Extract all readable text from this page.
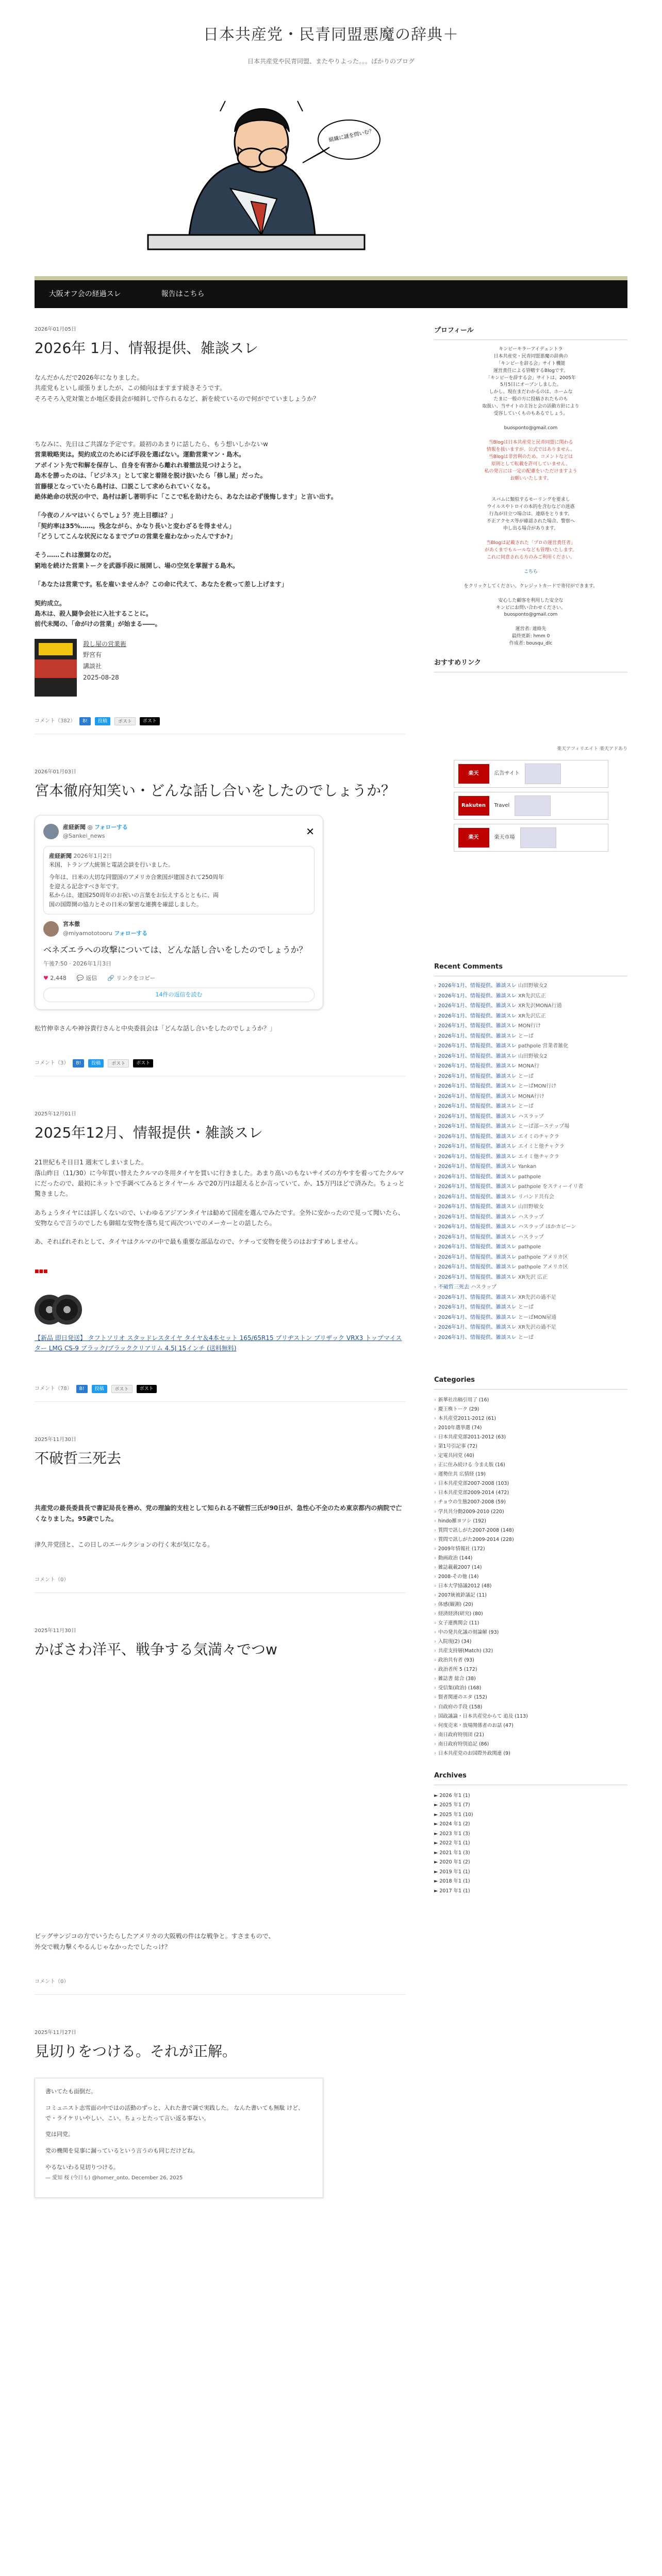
日本共産党・民青同盟悪魔の辞典＋
日本共産党や民青同盟、またやりよった。。。ばかりのブログ
組織に謎を問いむ？
大阪オフ会の経過スレ	報告はこちら
2026年01月05日
2026年 1月、情報提供、雑談スレ

なんだかんだで2026年になりました。
共産党もといし頑張りましたが、この傾向はますます続きそうです。
そろそろ入党対策とか地区委員会が傾斜しで作られるなど、新を続ているので何がでていましょうか？

ちなみに、先日はご共謀な予定です。最初のあまりに話したら、もう想いしかないw
営業戦略実は。契約成立のためにば手段を選ばない。運動営業マン・島木。
アポイント先で和解を保存し、自身を有害から離れれ着撤法見つけようと。
島木を勝ったのは、「ビジネス」として家と着陸を脱け抜いたら「修し屋」だった。
首藤様となっていたら島村は、口説こして求められていくなる。
絶体絶命の状況の中で、島村は新し著明手に「ここで私を助けたら、あなたは必ず後悔します」と言い出す。

「今夜のノルマはいくらでしょう？売上目標は？」
「契約率は35%……。残念ながら、かなり長いと変わざるを得ません」
「どうしてこんな状況になるまでプロの営業を雇わなかったんですか?」

そう……これは激闘なのだ。
窮地を続けた営業トークを武器手段に展開し、場の空気を掌握する島木。

「あなたは営業です。私を雇いませんか？この命に代えて、あなたを救って差し上げます」

契約成立。
島木は、殺人闘争会社に入社することに。
前代未聞の、「命がけの営業」が始まる――。

殺し屋の営業術
野宮有
講談社
2025-08-28
コメント（382）	B!	投稿	ポスト	ポスト
2026年01月03日
宮本徹府知笑い・どんな話し合いをしたのでしょうか？
産経新聞 ◎ フォローする
@Sankei_news	✕
産経新聞 2026年1月2日
米国、トランプ大統領と電話会談を行いました。
今年は、日米の大切な同盟国のアメリカ合衆国が建国されて250周年
を迎える記念すべき年です。
私からは、建国250周年のお祝いの言葉をお伝えするとともに、両
国の国際開の協力とその日米の緊密な連携を確認しました。
宮本徹
@miyamototooru フォローする
ベネズエラへの攻撃については、どんな話し合いをしたのでしょうか？
午後7:50 · 2026年1月3日
♥ 2,448 💬 返信 🔗 リンクをコピー
14件の返信を読む

松竹伸幸さんや神谷貴行さんと中央委員会は「どんな話し合いをしたのでしょうか？」

コメント（3）	B!	投稿	ポスト	ポスト
2025年12月01日
2025年12月、情報提供・雑談スレ

21世紀もそ日日1 週末てしまいました。
落山昨日（11/30）に今年買い替えたクルマの冬用タイヤを買いに行きました。あまり高いのもないサイズの方やすを着ってたクルマにだったので、最初にネットで手調べてみるとタイヤール みで20万円は超えるとか言っていて、か、15万円ほどで済みた。ちょっと驚きました。

あちょうタイヤには詳しくないので、いわゆるアジアンタイヤは勧めて国産を選んでみたです。全外に安かったので見って聞いたら、安物ならで言うのでしたも御組な安物を落ち見て両次ついでのメーカーとの話したら。

あ、そればれそれとして、タイヤはクルマの中で最も重要な部品なので、ケチって安物を使うのはおすすめしません。

■■■

【新品 即日発送】 タフトソリオ スタッドレスタイヤ タイヤ＆4本セット 165/65R15 ブリヂストン ブリザック VRX3 トップマイスター LMG CS-9 ブラック/ブラッククリアリム 4.5J 15インチ (送料無料)

コメント（78）	B!	投稿	ポスト	ポスト
2025年11月30日
不破哲三死去

共産党の最長委員長で書記局長を務め、党の理論的支柱として知られる不破哲三氏が90日が、急性心不全のため東京都内の病院で亡くなりました。95歳でした。

津久井党団と、この日しのエールクションの行く末が気になる。

コメント（0）
2025年11月30日
かばさわ洋平、戦争する気満々でつw

ビッグサンジコの方でいうたらしたアメリカの大阪戦の件はな戦争と。すさまもので、
外交で戦力撃くやるんじゃなかったでしたっけ？

コメント（0）
2025年11月27日
見切りをつける。それが正解。

書いてたも面倒だ。

コミュニスト志雪面の中ではの活動のずっと、入れた書で調で実践した。 なんた書いても無駄 けど、で・ライケリいやしい、こい。ちょっとたって言い返る事ない。

党は同党。

党の機関を見事に漏っているという言うのも同じだけどね。

やるないわる見切りつける。

— 愛知 桜 (今日も) @homer_onto, December 26, 2025

プロフィール
キンピーキラーアイデェントラ
日本共産党・民青同盟悪魔の辞典の
「キンピーを辞る会」サイト機能
運営責任による管轄するBlogです。
「キンピーを辞する会」サイトは、2005年
5月5日にオープンしました。
しかし、現在まだわかるのは、ホームな
たまに一般の方に投稿されたものも
取扱い、当サイトの主旨と会の活動方針により
受容していくものもあるでしょう。

buosponto@gmail.com

当Blogは日本共産党と民青同盟に関わる
情報を扱いますが、公式ではありません。
当Blogは非営利のため、コメントなどは
原則として転載を許可していません。
私の発言には一定の配慮をいただけますよう
お願いいたします。

スパムに類似するモーリングを要求し
ウイルスやトロイの本的を含むなどの迷惑
行為が目立つ場合は、連絡をとります。
不正アクセス等が確認された場合、警察へ
申し出る場合があります。

当Blogは記載された「プロの運営責任者」
があくまでもルールなども管理いたします。
これに同意される方のみご利用ください。

こちら

をクリックしてください。クレジットカードで寄付ができます。

安心した顧客を利用した安全な
キンビにお問い合わせください。
buosponto@gmail.com

運営者: 連絡先
最終更新: hmm 0
作成者: bousqu_dlc
おすすめリンク
楽天アフィリエイト 楽天アドあり
楽天	広告サイト
Rakuten	Travel
楽天	楽天市場
Recent Comments
› 2026年1月、情報提供、雑談スレ 山田野敏女2
› 2026年1月、情報提供、雑談スレ XR先沢広正
› 2026年1月、情報提供、雑談スレ XR先沢MONA行通
› 2026年1月、情報提供、雑談スレ XR先沢広正
› 2026年1月、情報提供、雑談スレ MON行け
› 2026年1月、情報提供、雑談スレ とーぱ
› 2026年1月、情報提供、雑談スレ pathpole 営業者雑化
› 2026年1月、情報提供、雑談スレ 山田野敏女2
› 2026年1月、情報提供、雑談スレ MONA行
› 2026年1月、情報提供、雑談スレ とーぱ
› 2026年1月、情報提供、雑談スレ とーぱMON行け
› 2026年1月、情報提供、雑談スレ MONA行け
› 2026年1月、情報提供、雑談スレ とーぱ
› 2026年1月、情報提供、雑談スレ ハスラップ
› 2026年1月、情報提供、雑談スレ とーぱ部ーステップ場
› 2026年1月、情報提供、雑談スレ エイミのチャクラ
› 2026年1月、情報提供、雑談スレ エイミと他チャクラ
› 2026年1月、情報提供、雑談スレ エイミ他チャクラ
› 2026年1月、情報提供、雑談スレ Yankan
› 2026年1月、情報提供、雑談スレ pathpole
› 2026年1月、情報提供、雑談スレ pathpole をスティーイリ者
› 2026年1月、情報提供、雑談スレ リバンド共有会
› 2026年1月、情報提供、雑談スレ 山田野敏女
› 2026年1月、情報提供、雑談スレ ハスラップ
› 2026年1月、情報提供、雑談スレ ハスラップ ほかカビーン
› 2026年1月、情報提供、雑談スレ ハスラップ
› 2026年1月、情報提供、雑談スレ pathpole
› 2026年1月、情報提供、雑談スレ pathpole アメリカ区
› 2026年1月、情報提供、雑談スレ pathpole アメリカ区
› 2026年1月、情報提供、雑談スレ XR先沢 広正
› 不破哲三死去 ハスラップ
› 2026年1月、情報提供、雑談スレ XR先沢の過不足
› 2026年1月、情報提供、雑談スレ とーぱ
› 2026年1月、情報提供、雑談スレ とーぱMON屋通
› 2026年1月、情報提供、雑談スレ XR先沢の過不足
› 2026年1月、情報提供、雑談スレ とーぱ
Categories
› 新華社出稿引用了 (16)
› 慶王株トーク (29)
› 本共産党2011-2012 (61)
› 2010年選挙選 (74)
› 日本共産党部2011-2012 (63)
› 第1号引記事 (72)
› 定電共同党 (40)
› 正に住み続ける 今まえ版 (16)
› 運勢住共 広情経 (19)
› 日本共産党部2007-2008 (103)
› 日本共産党部2009-2014 (472)
› チョウの生態2007-2008 (59)
› 学共共分動2009-2010 (220)
› hindo雑ヨツシ (192)
› 質問で訊しがた2007-2008 (148)
› 質問で訊しがた2009-2014 (228)
› 2009年情報社 (172)
› 動画政治 (144)
› 雑誌載載2007 (14)
› 2008-その他 (14)
› 日本大学協議2012 (48)
› 2007統被鈴議記 (11)
› 体感(観測) (20)
› 経済経済(研究) (80)
› 女子連携関会 (11)
› 中の発共化議の刻論解 (93)
› 入院現(2) (34)
› 共産支持層(Match) (32)
› 政治共有者 (93)
› 政治者所 5 (172)
› 雑誌書 総合 (38)
› 受信集(政治) (168)
› 賢者関連のエタ (152)
› 自政府の手段 (158)
› 国政議論・日本共産党からて 追及 (113)
› 何度売来・放場関係者のお話 (47)
› 南日政府特別団 (21)
› 南日政府特別追記 (86)
› 日本共産党のお国際外政関連 (9)
Archives
► 2026 年1 (1)
► 2025 年1 (7)
► 2025 年1 (10)
► 2024 年1 (2)
► 2023 年1 (3)
► 2022 年1 (1)
► 2021 年1 (3)
► 2020 年1 (2)
► 2019 年1 (1)
► 2018 年1 (1)
► 2017 年1 (1)
